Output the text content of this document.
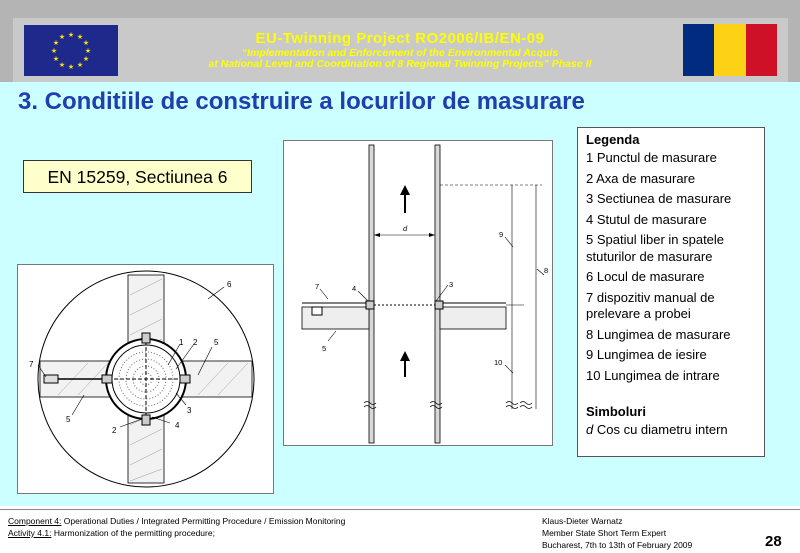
★ ★
★
★
★
★
★
★
★
★
★
★	EU-Twinning Project RO2006/IB/EN-09
“Implementation and Enforcement of the Environmental Acquis
at National Level and Coordination of 8 Regional Twinning Projects” Phase II
3. Conditiile de construire a locurilor de masurare
EN 15259, Sectiunea 6
6
7
1 2 5
5
3
2
4
d
9
8
7	4	3
5
10
Legenda
1 Punctul de masurare
2 Axa de masurare
3 Sectiunea de masurare
4 Stutul de masurare
5 Spatiul liber in spatele stuturilor de masurare
6 Locul de masurare
7 dispozitiv manual de prelevare a probei
8 Lungimea de masurare
9 Lungimea de iesire
10 Lungimea de intrare
Simboluri
d Cos cu diametru intern
Component 4: Operational Duties / Integrated Permitting Procedure / Emission Monitoring
Activity 4.1: Harmonization of the permitting procedure;
Klaus-Dieter Warnatz
Member State Short Term Expert
Bucharest, 7th to 13th of February 2009	28
